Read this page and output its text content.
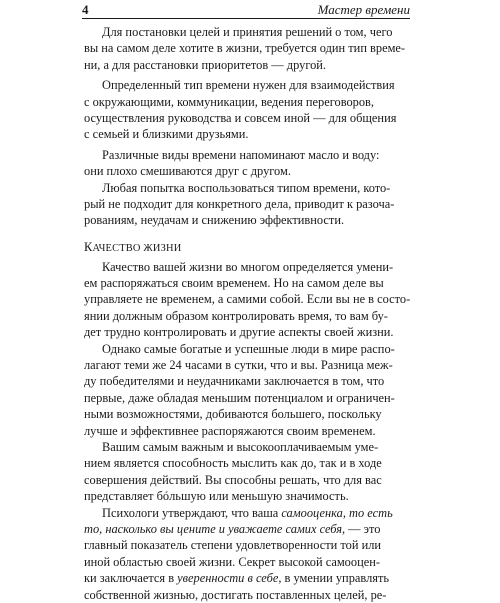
4	Мастер времени
Для постановки целей и принятия решений о том, чего
вы на самом деле хотите в жизни, требуется один тип време-
ни, а для расстановки приоритетов — другой.
Определенный тип времени нужен для взаимодействия
с окружающими, коммуникации, ведения переговоров,
осуществления руководства и совсем иной — для общения
с семьей и близкими друзьями.
Различные виды времени напоминают масло и воду:
они плохо смешиваются друг с другом.
Любая попытка воспользоваться типом времени, кото-
рый не подходит для конкретного дела, приводит к разоча-
рованиям, неудачам и снижению эффективности.
КАЧЕСТВО ЖИЗНИ
Качество вашей жизни во многом определяется умени-
ем распоряжаться своим временем. Но на самом деле вы
управляете не временем, а самими собой. Если вы не в состо-
янии должным образом контролировать время, то вам бу-
дет трудно контролировать и другие аспекты своей жизни.
Однако самые богатые и успешные люди в мире распо-
лагают теми же 24 часами в сутки, что и вы. Разница меж-
ду победителями и неудачниками заключается в том, что
первые, даже обладая меньшим потенциалом и ограничен-
ными возможностями, добиваются большего, поскольку
лучше и эффективнее распоряжаются своим временем.
Вашим самым важным и высокооплачиваемым уме-
нием является способность мыслить как до, так и в ходе
совершения действий. Вы способны решать, что для вас
представляет бóльшую или меньшую значимость.
Психологи утверждают, что ваша самооценка, то есть
то, насколько вы цените и уважаете самих себя, — это
главный показатель степени удовлетворенности той или
иной областью своей жизни. Секрет высокой самооцен-
ки заключается в уверенности в себе, в умении управлять
собственной жизнью, достигать поставленных целей, ре-
